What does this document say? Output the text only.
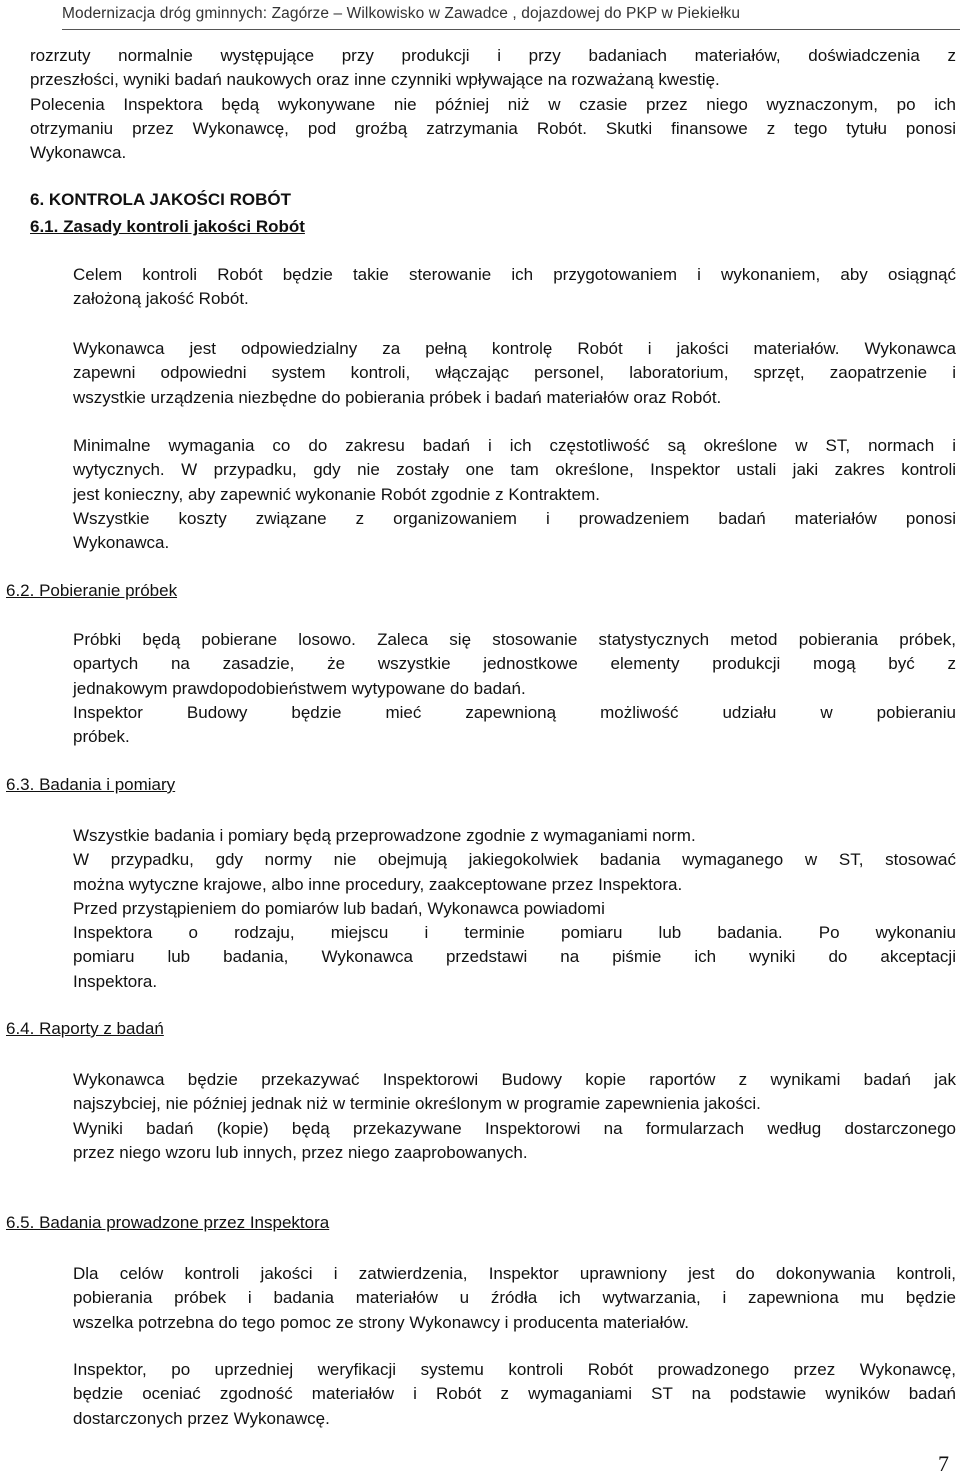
Modernizacja dróg gminnych: Zagórze – Wilkowisko w Zawadce , dojazdowej do PKP w Piekiełku
rozrzuty normalnie występujące przy produkcji i przy badaniach materiałów, doświadczenia z
przeszłości, wyniki badań naukowych oraz inne czynniki wpływające na rozważaną kwestię.
Polecenia Inspektora będą wykonywane nie później niż w czasie przez niego wyznaczonym, po ich
otrzymaniu przez Wykonawcę, pod groźbą zatrzymania Robót. Skutki finansowe z tego tytułu ponosi
Wykonawca.
6. KONTROLA JAKOŚCI ROBÓT
6.1. Zasady kontroli jakości Robót
Celem kontroli Robót będzie takie sterowanie ich przygotowaniem i wykonaniem, aby osiągnąć
założoną jakość Robót.
Wykonawca jest odpowiedzialny za pełną kontrolę Robót i jakości materiałów. Wykonawca
zapewni odpowiedni system kontroli, włączając personel, laboratorium, sprzęt, zaopatrzenie i
wszystkie urządzenia niezbędne do pobierania próbek i badań materiałów oraz Robót.
Minimalne wymagania co do zakresu badań i ich częstotliwość są określone w ST, normach i
wytycznych. W przypadku, gdy nie zostały one tam określone, Inspektor ustali jaki zakres kontroli
jest konieczny, aby zapewnić wykonanie Robót zgodnie z Kontraktem.
Wszystkie koszty związane z organizowaniem i prowadzeniem badań materiałów ponosi
Wykonawca.
6.2. Pobieranie próbek
Próbki będą pobierane losowo. Zaleca się stosowanie statystycznych metod pobierania próbek,
opartych na zasadzie, że wszystkie jednostkowe elementy produkcji mogą być z
jednakowym prawdopodobieństwem wytypowane do badań.
Inspektor Budowy będzie mieć zapewnioną możliwość udziału w pobieraniu
próbek.
6.3. Badania i pomiary
Wszystkie badania i pomiary będą przeprowadzone zgodnie z wymaganiami norm.
W przypadku, gdy normy nie obejmują jakiegokolwiek badania wymaganego w ST, stosować
można wytyczne krajowe, albo inne procedury, zaakceptowane przez Inspektora.
Przed przystąpieniem do pomiarów lub badań, Wykonawca powiadomi
Inspektora o rodzaju, miejscu i terminie pomiaru lub badania. Po wykonaniu
pomiaru lub badania, Wykonawca przedstawi na piśmie ich wyniki do akceptacji
Inspektora.
6.4. Raporty z badań
Wykonawca będzie przekazywać Inspektorowi Budowy kopie raportów z wynikami badań jak
najszybciej, nie później jednak niż w terminie określonym w programie zapewnienia jakości.
Wyniki badań (kopie) będą przekazywane Inspektorowi na formularzach według dostarczonego
przez niego wzoru lub innych, przez niego zaaprobowanych.
6.5. Badania prowadzone przez Inspektora
Dla celów kontroli jakości i zatwierdzenia, Inspektor uprawniony jest do dokonywania kontroli,
pobierania próbek i badania materiałów u źródła ich wytwarzania, i zapewniona mu będzie
wszelka potrzebna do tego pomoc ze strony Wykonawcy i producenta materiałów.
Inspektor, po uprzedniej weryfikacji systemu kontroli Robót prowadzonego przez Wykonawcę,
będzie oceniać zgodność materiałów i Robót z wymaganiami ST na podstawie wyników badań
dostarczonych przez Wykonawcę.
7
